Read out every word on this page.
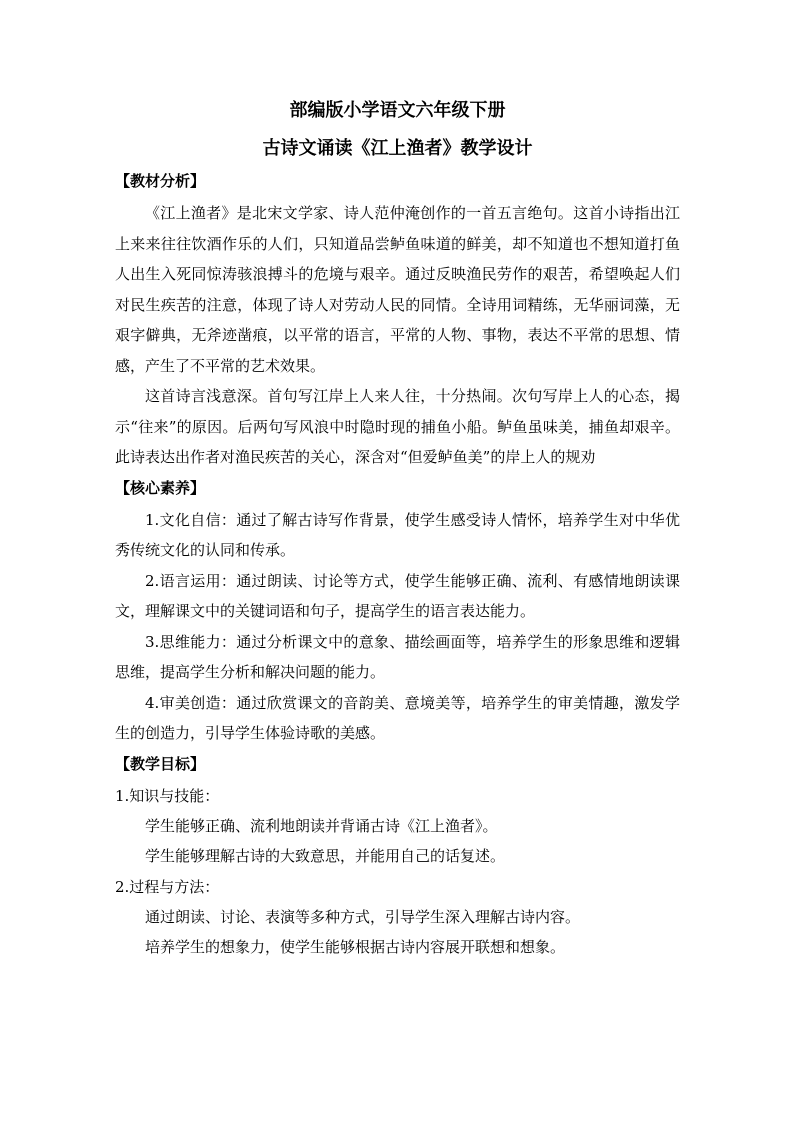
部编版小学语文六年级下册

古诗文诵读《江上渔者》教学设计

【教材分析】

《江上渔者》是北宋文学家、诗人范仲淹创作的一首五言绝句。这首小诗指出江上来来往往饮酒作乐的人们，只知道品尝鲈鱼味道的鲜美，却不知道也不想知道打鱼人出生入死同惊涛骇浪搏斗的危境与艰辛。通过反映渔民劳作的艰苦，希望唤起人们对民生疾苦的注意，体现了诗人对劳动人民的同情。全诗用词精练，无华丽词藻，无艰字僻典，无斧迹凿痕，以平常的语言，平常的人物、事物，表达不平常的思想、情感，产生了不平常的艺术效果。

这首诗言浅意深。首句写江岸上人来人往，十分热闹。次句写岸上人的心态，揭示“往来”的原因。后两句写风浪中时隐时现的捕鱼小船。鲈鱼虽味美，捕鱼却艰辛。此诗表达出作者对渔民疾苦的关心，深含对“但爱鲈鱼美”的岸上人的规劝

【核心素养】

1.文化自信：通过了解古诗写作背景，使学生感受诗人情怀，培养学生对中华优秀传统文化的认同和传承。

2.语言运用：通过朗读、讨论等方式，使学生能够正确、流利、有感情地朗读课文，理解课文中的关键词语和句子，提高学生的语言表达能力。

3.思维能力：通过分析课文中的意象、描绘画面等，培养学生的形象思维和逻辑思维，提高学生分析和解决问题的能力。

4.审美创造：通过欣赏课文的音韵美、意境美等，培养学生的审美情趣，激发学生的创造力，引导学生体验诗歌的美感。

【教学目标】

1.知识与技能：

学生能够正确、流利地朗读并背诵古诗《江上渔者》。

学生能够理解古诗的大致意思，并能用自己的话复述。

2.过程与方法：

通过朗读、讨论、表演等多种方式，引导学生深入理解古诗内容。

培养学生的想象力，使学生能够根据古诗内容展开联想和想象。
